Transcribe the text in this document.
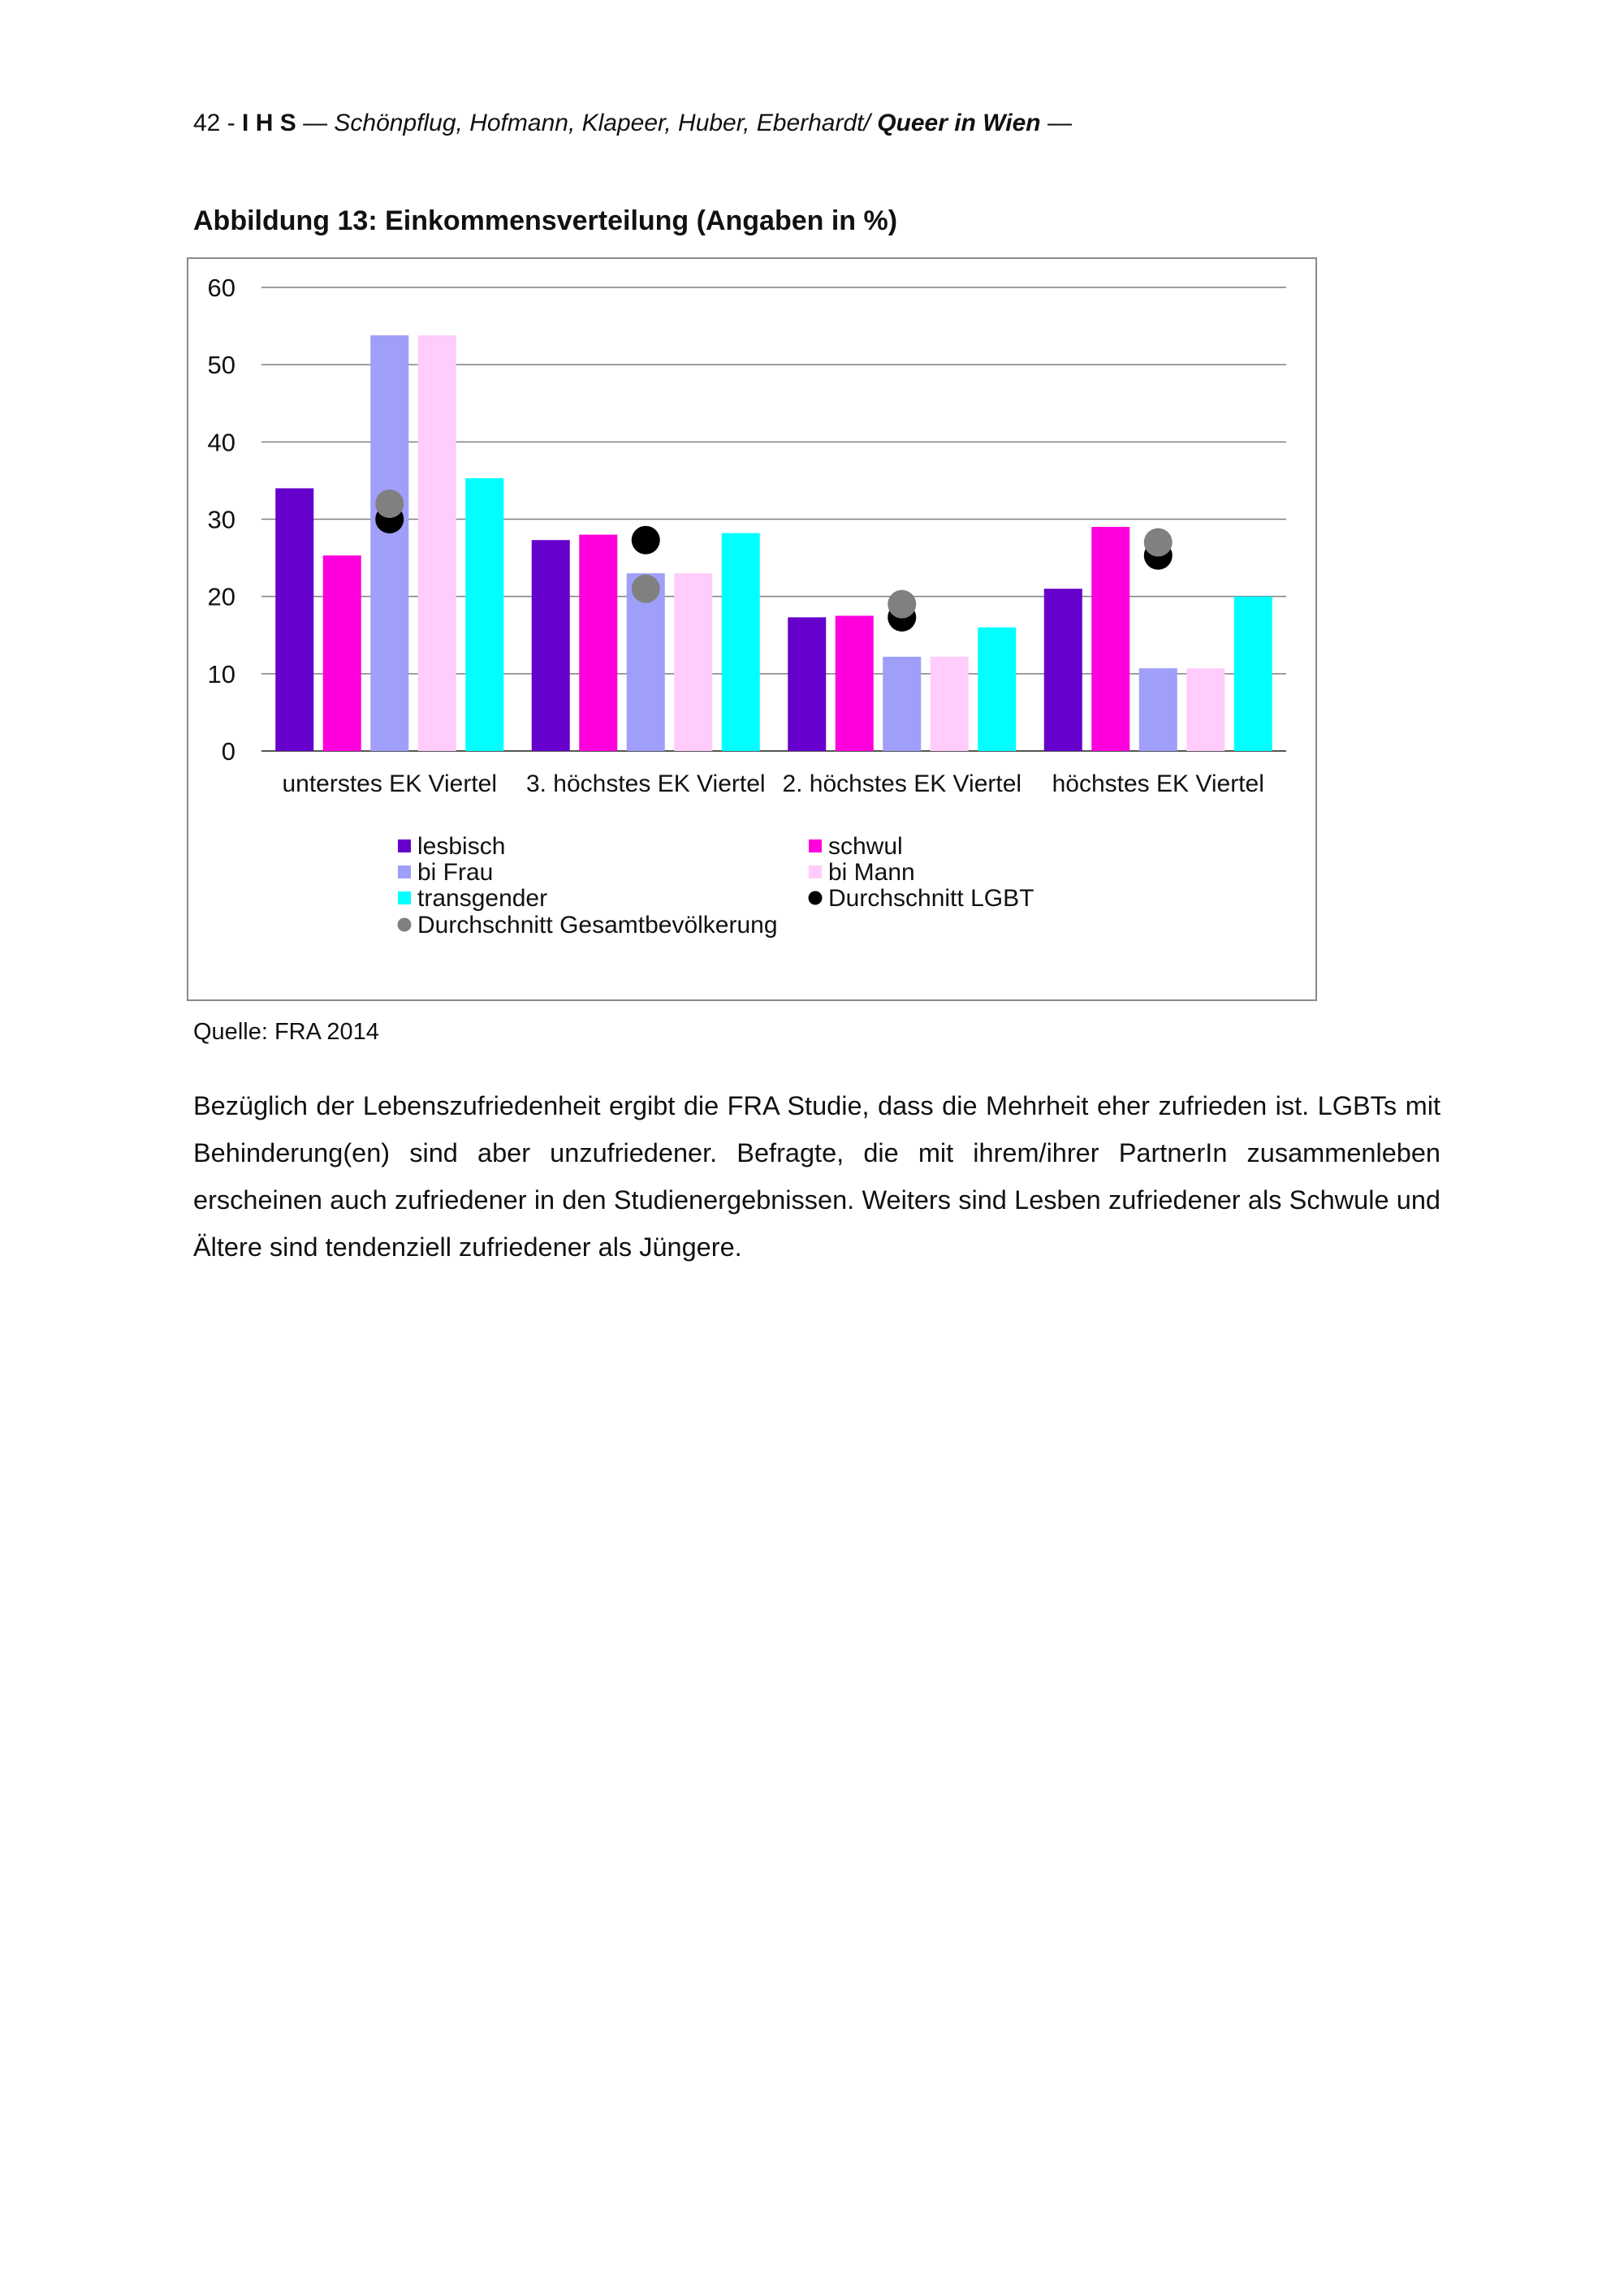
42 - I H S — Schönpflug, Hofmann, Klapeer, Huber, Eberhardt/ Queer in Wien —
Abbildung 13: Einkommensverteilung (Angaben in %)
0
10
20
30
40
50
60
unterstes EK Viertel 3. höchstes EK Viertel 2. höchstes EK Viertel höchstes EK Viertel
lesbisch	schwul
bi Frau	bi Mann
transgender	Durchschnitt LGBT
Durchschnitt Gesamtbevölkerung
Quelle: FRA 2014

Bezüglich der Lebenszufriedenheit ergibt die FRA Studie, dass die Mehrheit eher zufrieden ist. LGBTs mit Behinderung(en) sind aber unzufriedener. Befragte, die mit ihrem/ihrer PartnerIn zusammenleben erscheinen auch zufriedener in den Studienergebnissen. Weiters sind Lesben zufriedener als Schwule und Ältere sind tendenziell zufriedener als Jüngere.
